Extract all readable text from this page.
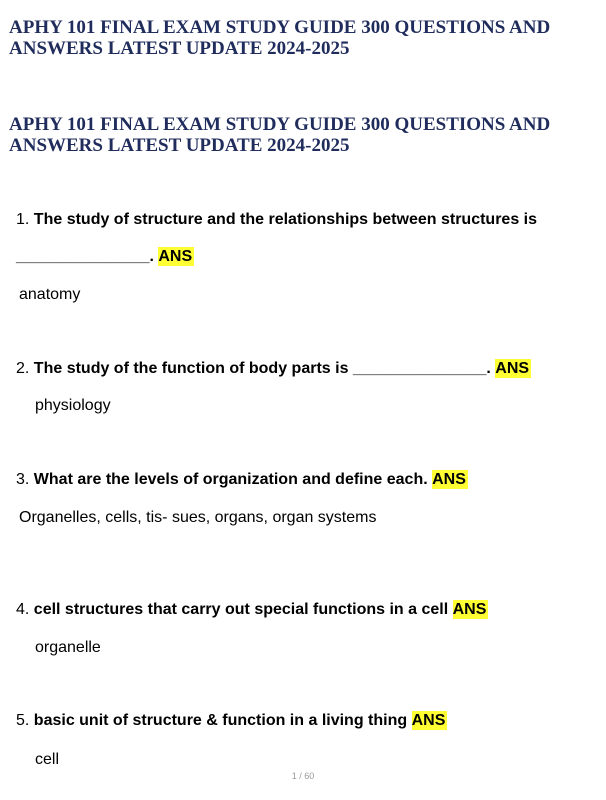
APHY 101 FINAL EXAM STUDY GUIDE 300 QUESTIONS AND ANSWERS LATEST UPDATE 2024-2025
APHY 101 FINAL EXAM STUDY GUIDE 300 QUESTIONS AND ANSWERS LATEST UPDATE 2024-2025
1. The study of structure and the relationships between structures is
_______________. ANS
anatomy
2. The study of the function of body parts is _______________. ANS
physiology
3. What are the levels of organization and define each. ANS
Organelles, cells, tis- sues, organs, organ systems
4. cell structures that carry out special functions in a cell ANS
organelle
5. basic unit of structure & function in a living thing ANS
cell
1 / 60
